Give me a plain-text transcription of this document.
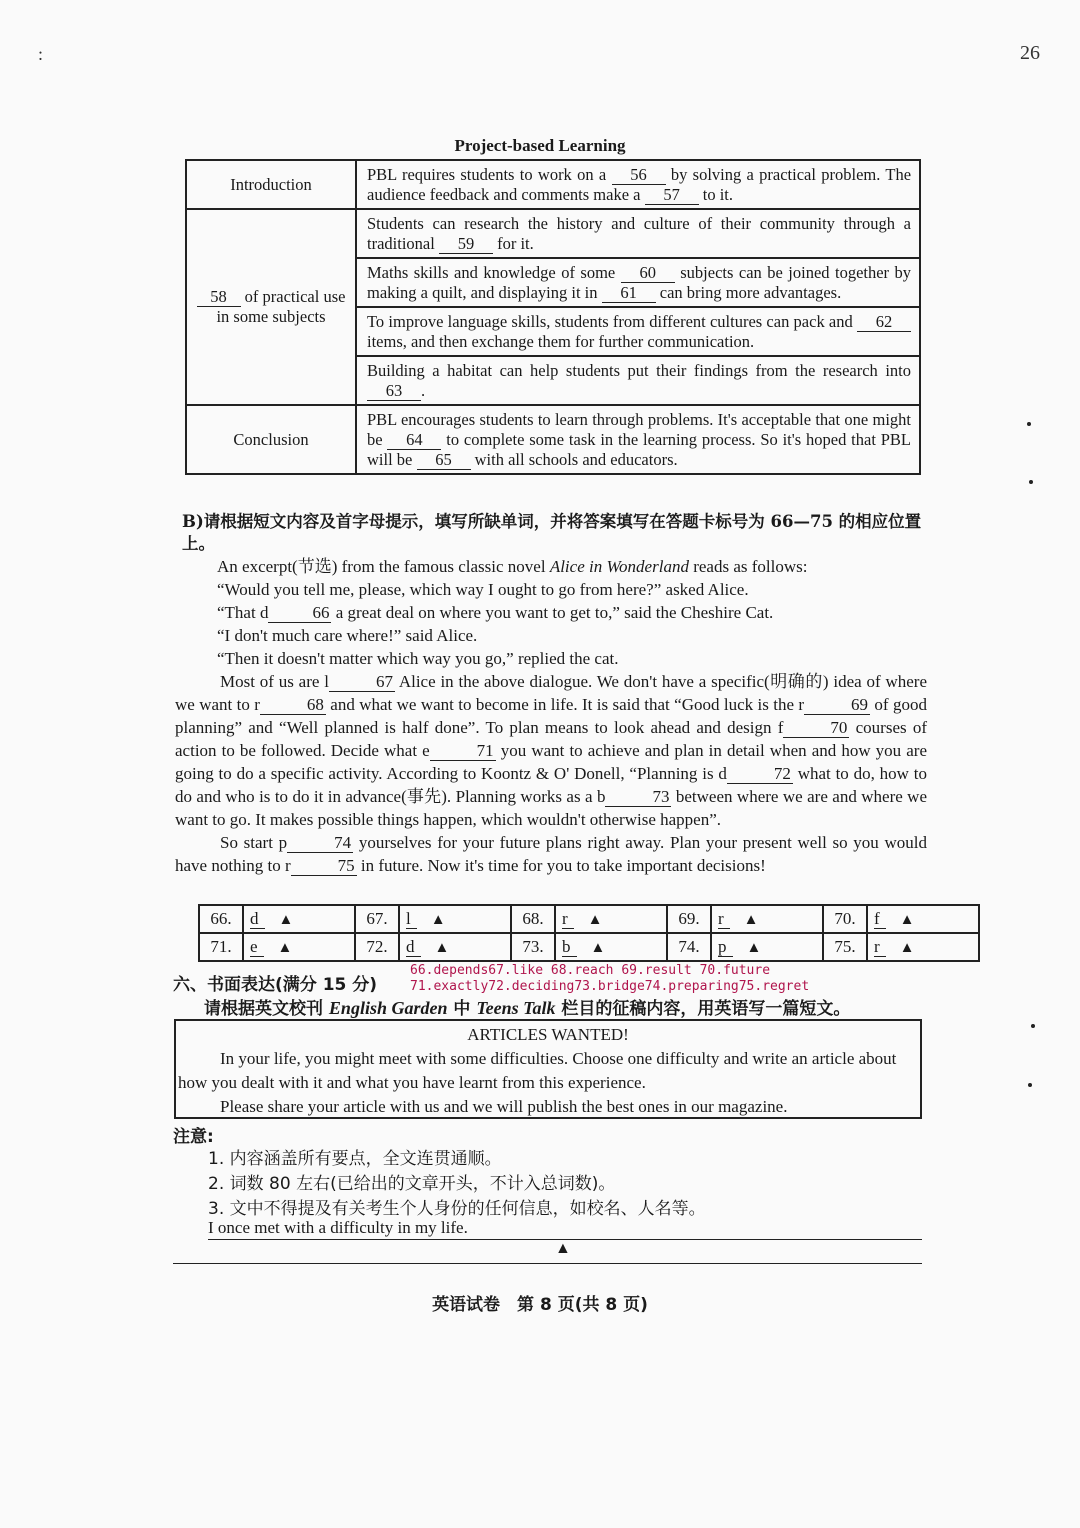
:	26
Project-based Learning
Introduction	PBL requires students to work on a 56 by solving a practical problem. The audience feedback and comments make a 57 to it.
58 of practical use in some subjects	Students can research the history and culture of their community through a traditional 59 for it.
	Maths skills and knowledge of some 60 subjects can be joined together by making a quilt, and displaying it in 61 can bring more advantages.
	To improve language skills, students from different cultures can pack and 62 items, and then exchange them for further communication.
	Building a habitat can help students put their findings from the research into 63 .
Conclusion	PBL encourages students to learn through problems. It's acceptable that one might be 64 to complete some task in the learning process. So it's hoped that PBL will be 65 with all schools and educators.
B)请根据短文内容及首字母提示，填写所缺单词，并将答案填写在答题卡标号为 66—75 的相应位置上。

An excerpt(节选) from the famous classic novel Alice in Wonderland reads as follows:

“Would you tell me, please, which way I ought to go from here?” asked Alice.

“That d	66 a great deal on where you want to get to,” said the Cheshire Cat.

“I don't much care where!” said Alice.

“Then it doesn't matter which way you go,” replied the cat.

Most of us are l	67 Alice in the above dialogue. We don't have a specific(明确的) idea of where we want to r	68 and what we want to become in life. It is said that “Good luck is the r	69 of good planning” and “Well planned is half done”. To plan means to look ahead and design f	70 courses of action to be followed. Decide what e	71 you want to achieve and plan in detail when and how you are going to do a specific activity. According to Koontz & O' Donell, “Planning is d	72 what to do, how to do and who is to do it in advance(事先). Planning works as a b	73 between where we are and where we want to go. It makes possible things happen, which wouldn't otherwise happen”.

So start p	74 yourselves for your future plans right away. Plan your present well so you would have nothing to r	75 in future. Now it's time for you to take important decisions!

66.	d ▲	67.	l ▲	68.	r ▲	69.	r ▲	70.	f ▲
71.	e ▲	72.	d ▲	73.	b ▲	74.	p ▲	75.	r ▲
六、书面表达(满分 15 分)
66.depends67.like 68.reach 69.result 70.future 71.exactly72.deciding73.bridge74.preparing75.regret
请根据英文校刊 English Garden 中 Teens Talk 栏目的征稿内容，用英语写一篇短文。
ARTICLES WANTED!

In your life, you might meet with some difficulties. Choose one difficulty and write an article about how you dealt with it and what you have learnt from this experience.

Please share your article with us and we will publish the best ones in our magazine.

注意:
1. 内容涵盖所有要点，全文连贯通顺。
2. 词数 80 左右(已给出的文章开头，不计入总词数)。
3. 文中不得提及有关考生个人身份的任何信息，如校名、人名等。
I once met with a difficulty in my life.
▲
英语试卷　第 8 页(共 8 页)
